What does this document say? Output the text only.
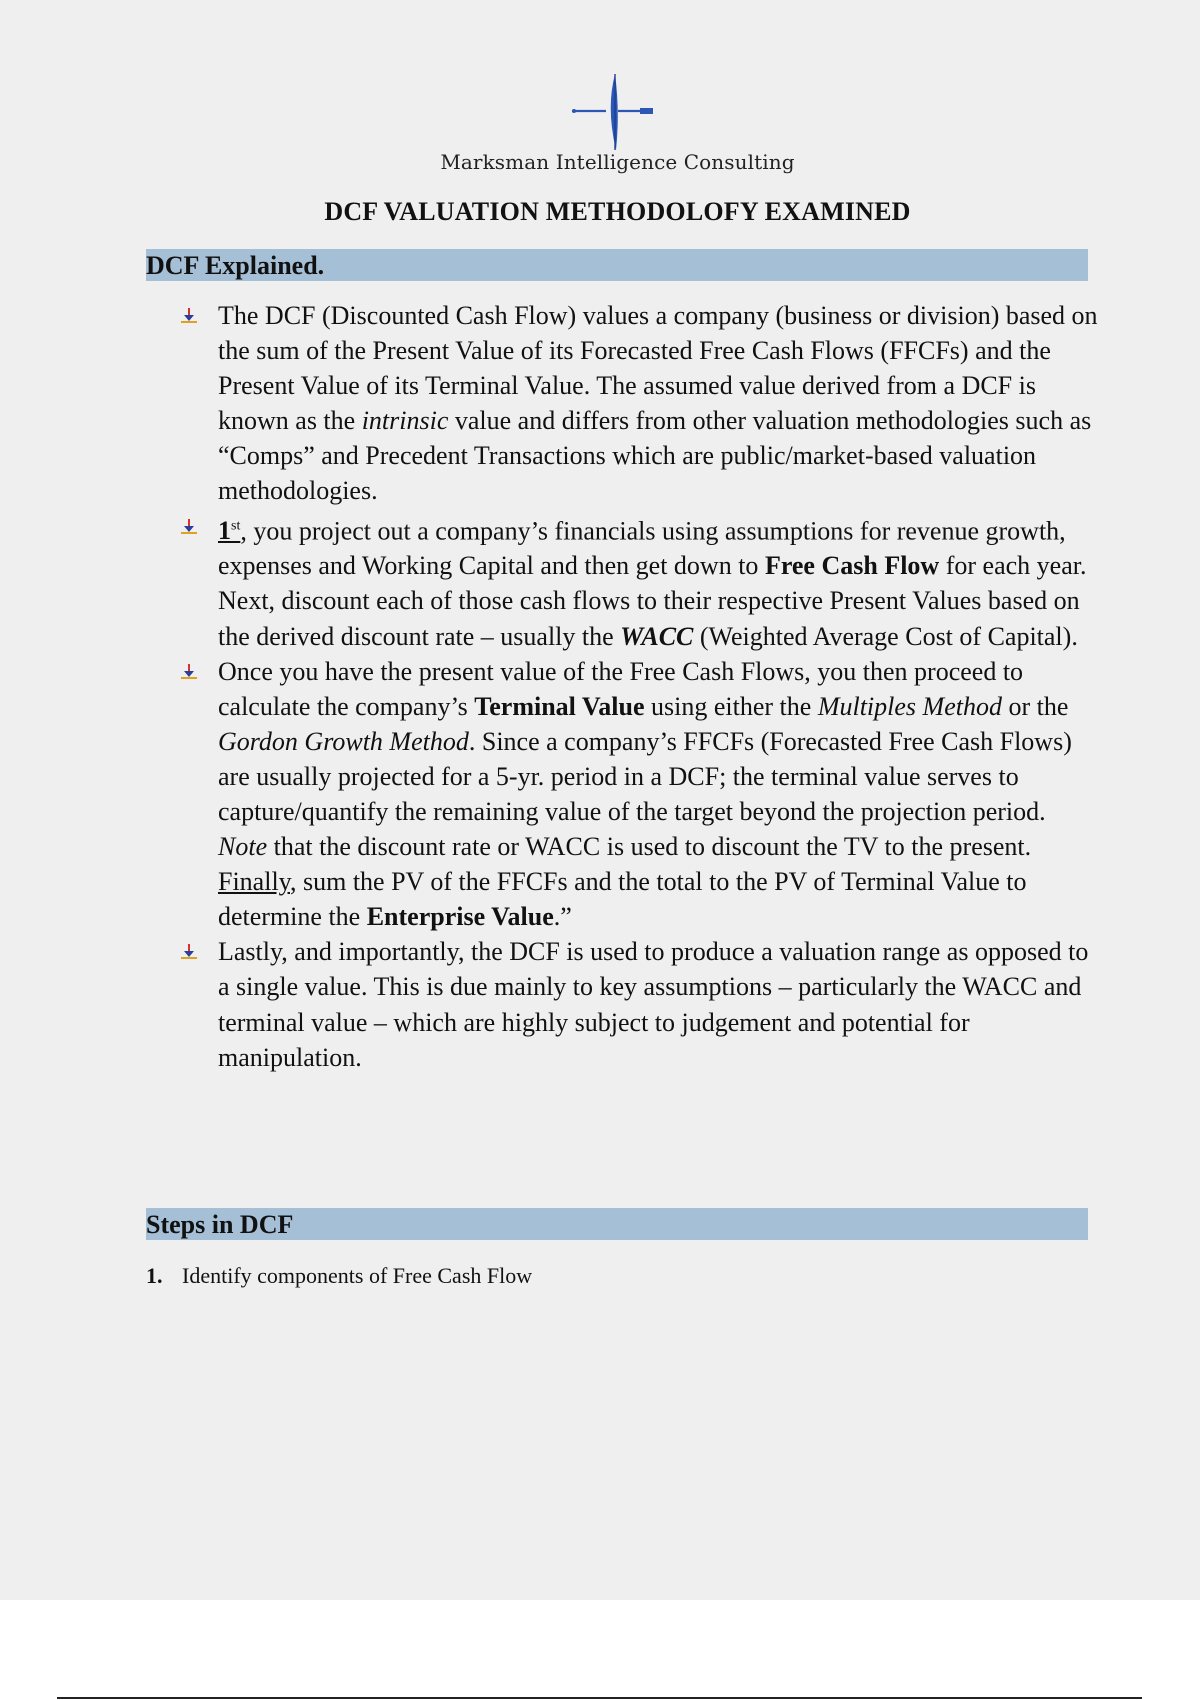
Marksman Intelligence Consulting
DCF VALUATION METHODOLOFY EXAMINED
DCF Explained.
The DCF (Discounted Cash Flow) values a company (business or division) based on the sum of the Present Value of its Forecasted Free Cash Flows (FFCFs) and the Present Value of its Terminal Value. The assumed value derived from a DCF is known as the intrinsic value and differs from other valuation methodologies such as “Comps” and Precedent Transactions which are public/market-based valuation methodologies.
1st, you project out a company’s financials using assumptions for revenue growth, expenses and Working Capital and then get down to Free Cash Flow for each year. Next, discount each of those cash flows to their respective Present Values based on the derived discount rate – usually the WACC (Weighted Average Cost of Capital).
Once you have the present value of the Free Cash Flows, you then proceed to calculate the company’s Terminal Value using either the Multiples Method or the Gordon Growth Method. Since a company’s FFCFs (Forecasted Free Cash Flows) are usually projected for a 5-yr. period in a DCF; the terminal value serves to capture/quantify the remaining value of the target beyond the projection period. Note that the discount rate or WACC is used to discount the TV to the present. Finally, sum the PV of the FFCFs and the total to the PV of Terminal Value to determine the Enterprise Value.”
Lastly, and importantly, the DCF is used to produce a valuation range as opposed to a single value. This is due mainly to key assumptions – particularly the WACC and terminal value – which are highly subject to judgement and potential for manipulation.
Steps in DCF
1. Identify components of Free Cash Flow
